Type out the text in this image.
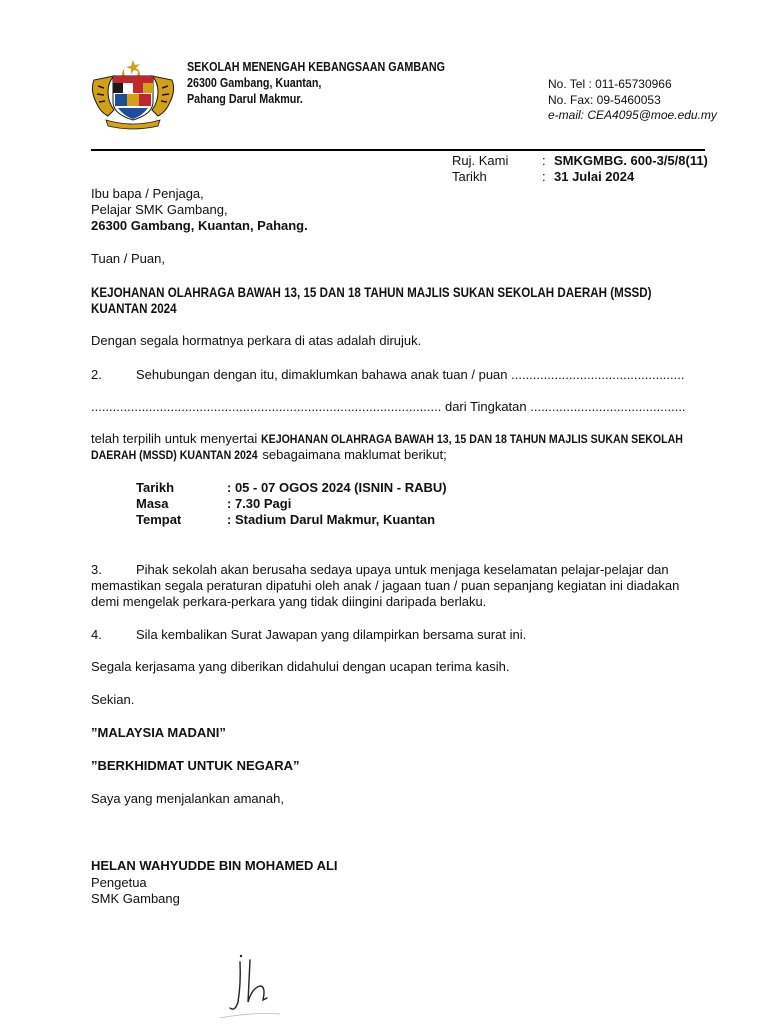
SEKOLAH MENENGAH KEBANGSAAN GAMBANG
26300 Gambang, Kuantan,
Pahang Darul Makmur.
No. Tel : 011-65730966
No. Fax: 09-5460053
e-mail: CEA4095@moe.edu.my
Ruj. Kami	: SMKGMBG. 600-3/5/8(11)
Tarikh	: 31 Julai 2024
Ibu bapa / Penjaga,
Pelajar SMK Gambang,
26300 Gambang, Kuantan, Pahang.
Tuan / Puan,
KEJOHANAN OLAHRAGA BAWAH 13, 15 DAN 18 TAHUN MAJLIS SUKAN SEKOLAH DAERAH (MSSD)
KUANTAN 2024
Dengan segala hormatnya perkara di atas adalah dirujuk.
2.	Sehubungan dengan itu, dimaklumkan bahawa anak tuan / puan ................................................
................................................................................................. dari Tingkatan ...........................................
telah terpilih untuk menyertai KEJOHANAN OLAHRAGA BAWAH 13, 15 DAN 18 TAHUN MAJLIS SUKAN SEKOLAH
DAERAH (MSSD) KUANTAN 2024 sebagaimana maklumat berikut;
Tarikh	: 05 - 07 OGOS 2024 (ISNIN - RABU)
Masa	: 7.30 Pagi
Tempat	: Stadium Darul Makmur, Kuantan
3.	Pihak sekolah akan berusaha sedaya upaya untuk menjaga keselamatan pelajar-pelajar dan
memastikan segala peraturan dipatuhi oleh anak / jagaan tuan / puan sepanjang kegiatan ini diadakan
demi mengelak perkara-perkara yang tidak diingini daripada berlaku.
4.	Sila kembalikan Surat Jawapan yang dilampirkan bersama surat ini.
Segala kerjasama yang diberikan didahului dengan ucapan terima kasih.
Sekian.
”MALAYSIA MADANI”
”BERKHIDMAT UNTUK NEGARA”
Saya yang menjalankan amanah,
HELAN WAHYUDDE BIN MOHAMED ALI
Pengetua
SMK Gambang
